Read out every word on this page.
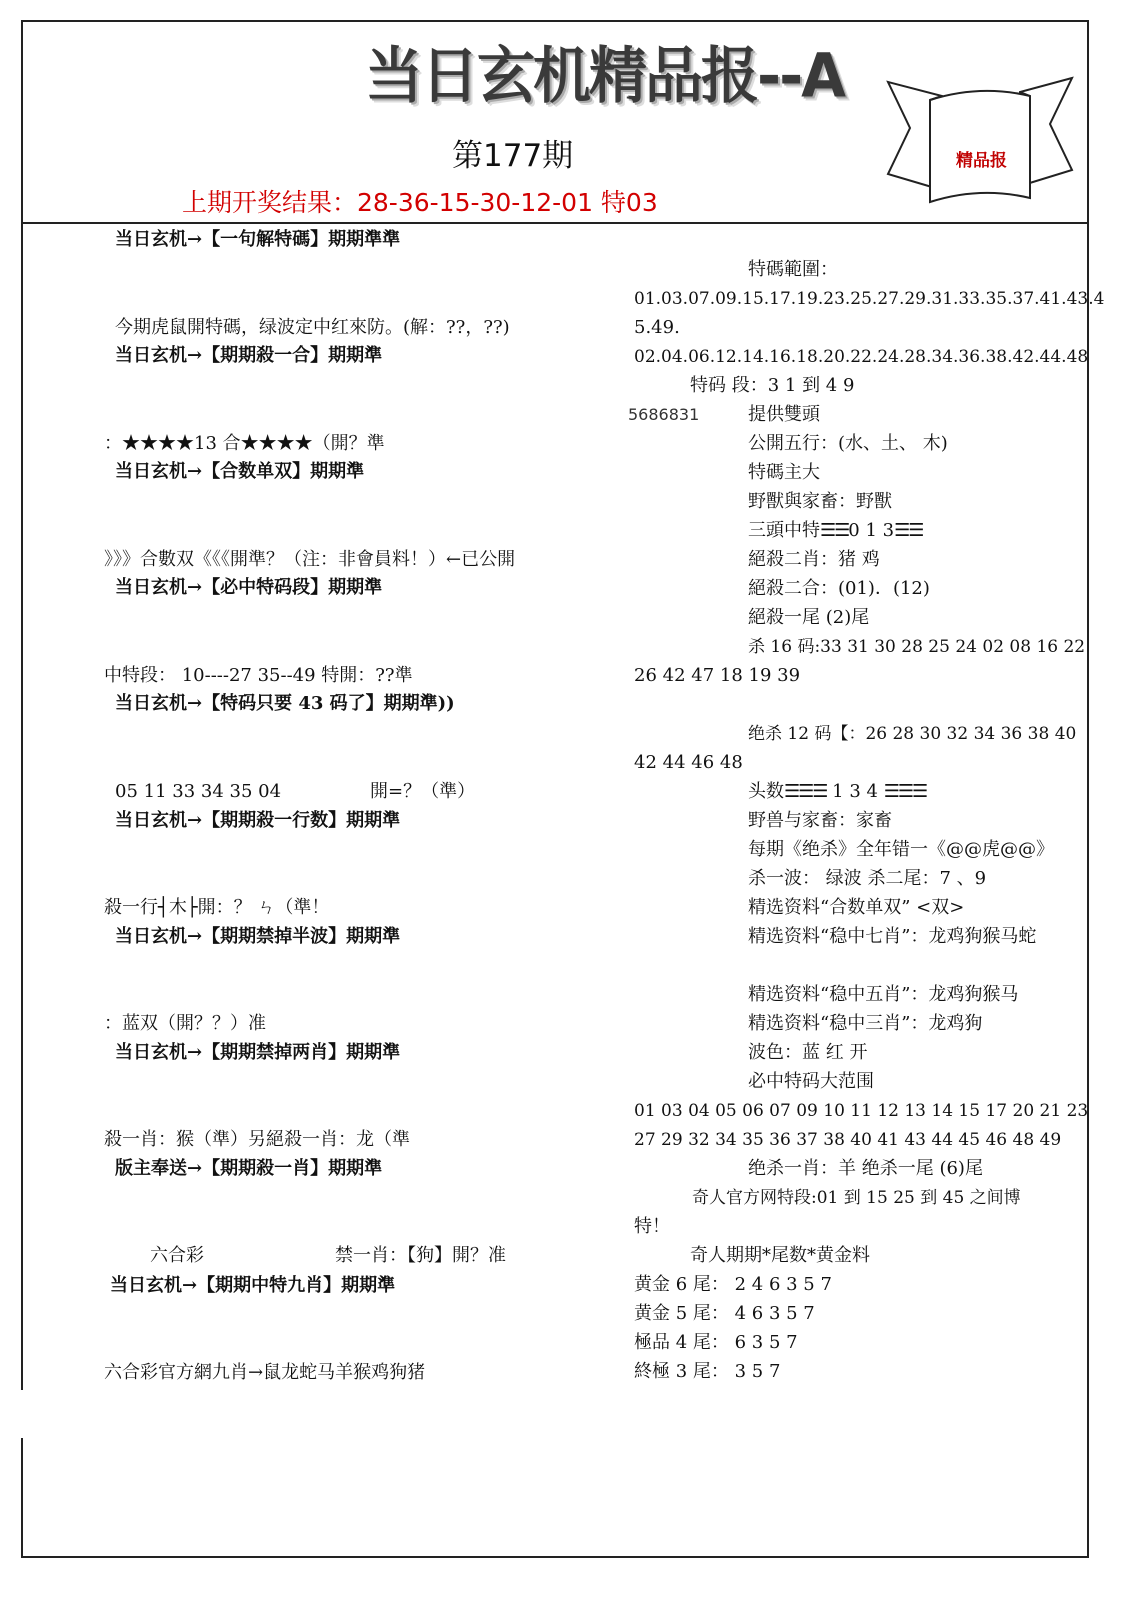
当日玄机精品报--A
第177期
上期开奖结果：28-36-15-30-12-01 特03
精品报
当日玄机→【一句解特碼】期期準準
今期虎鼠開特碼，绿波定中红來防。(解：??，??)
当日玄机→【期期殺一合】期期準
：★★★★13 合★★★★（開？準
当日玄机→【合数单双】期期準
》》》合數双《《《開準？（注：非會員料！）←已公開
当日玄机→【必中特码段】期期準
中特段： 10----27 35--49 特開：??準
当日玄机→【特码只要 43 码了】期期準))
05 11 33 34 35 04	開=？（準）
当日玄机→【期期殺一行数】期期準
殺一行┤木├開：？ ㄣ（準！
当日玄机→【期期禁掉半波】期期準
：蓝双（開？？）准
当日玄机→【期期禁掉两肖】期期準
殺一肖：猴（準）另絕殺一肖：龙（準
版主奉送→【期期殺一肖】期期準
六合彩	禁一肖：【狗】開？准
当日玄机→【期期中特九肖】期期準
六合彩官方網九肖→鼠龙蛇马羊猴鸡狗猪
特碼範圍：
01.03.07.09.15.17.19.23.25.27.29.31.33.35.37.41.43.4
5.49.
02.04.06.12.14.16.18.20.22.24.28.34.36.38.42.44.48
特码 段：3 1 到 4 9
5686831	提供雙頭
公開五行：(水、土、 木)
特碼主大
野獸與家畜：野獸
三頭中特☰☰0 1 3☰☰
絕殺二肖：猪 鸡
絕殺二合：(01)．(12)
絕殺一尾 (2)尾
杀 16 码:33 31 30 28 25 24 02 08 16 22
26 42 47 18 19 39
绝杀 12 码【：26 28 30 32 34 36 38 40
42 44 46 48
头数☰☰☰ 1 3 4 ☰☰☰
野兽与家畜：家畜
每期《绝杀》全年错一《@@虎@@》
杀一波： 绿波 杀二尾：7 、9
精选资料“合数单双” <双>
精选资料“稳中七肖”：龙鸡狗猴马蛇
精选资料“稳中五肖”：龙鸡狗猴马
精选资料“稳中三肖”：龙鸡狗
波色：蓝 红 开
必中特码大范围
01 03 04 05 06 07 09 10 11 12 13 14 15 17 20 21 23
27 29 32 34 35 36 37 38 40 41 43 44 45 46 48 49
绝杀一肖：羊 绝杀一尾 (6)尾
奇人官方网特段:01 到 15 25 到 45 之间博
特！
奇人期期*尾数*黄金料
黄金 6 尾： 2 4 6 3 5 7
黄金 5 尾： 4 6 3 5 7
極品 4 尾： 6 3 5 7
終極 3 尾： 3 5 7
